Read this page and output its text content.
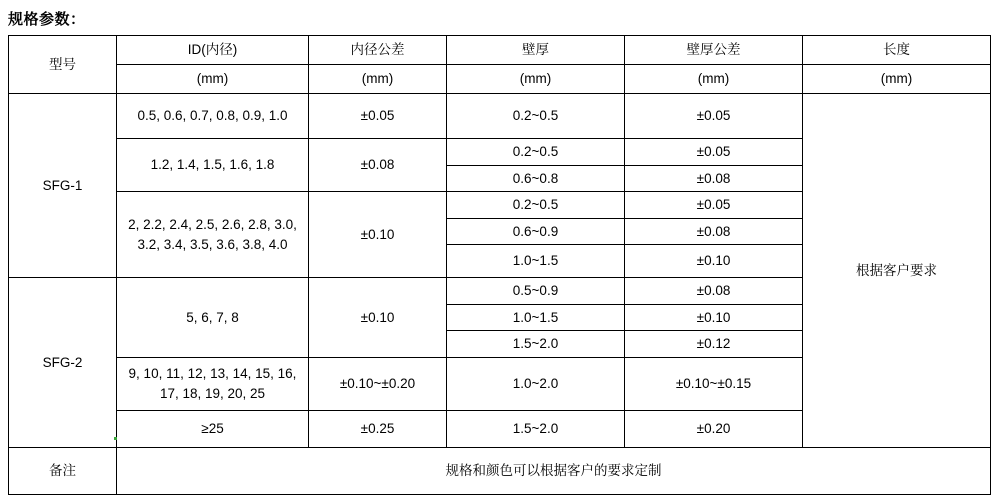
规格参数：
型号	ID(内径)	内径公差	壁厚	壁厚公差	长度
	(mm)	(mm)	(mm)	(mm)	(mm)
SFG-1	0.5, 0.6, 0.7, 0.8, 0.9, 1.0	±0.05	0.2~0.5	±0.05	根据客户要求
	1.2, 1.4, 1.5, 1.6, 1.8	±0.08	0.2~0.5	±0.05	
			0.6~0.8	±0.08	
	2, 2.2, 2.4, 2.5, 2.6, 2.8, 3.0, 3.2, 3.4, 3.5, 3.6, 3.8, 4.0	±0.10	0.2~0.5	±0.05	
			0.6~0.9	±0.08	
			1.0~1.5	±0.10	
SFG-2	5, 6, 7, 8	±0.10	0.5~0.9	±0.08	
			1.0~1.5	±0.10	
			1.5~2.0	±0.12	
	9, 10, 11, 12, 13, 14, 15, 16, 17, 18, 19, 20, 25	±0.10~±0.20	1.0~2.0	±0.10~±0.15	

	≥25	±0.25	1.5~2.0	±0.20	
备注	规格和颜色可以根据客户的要求定制				
